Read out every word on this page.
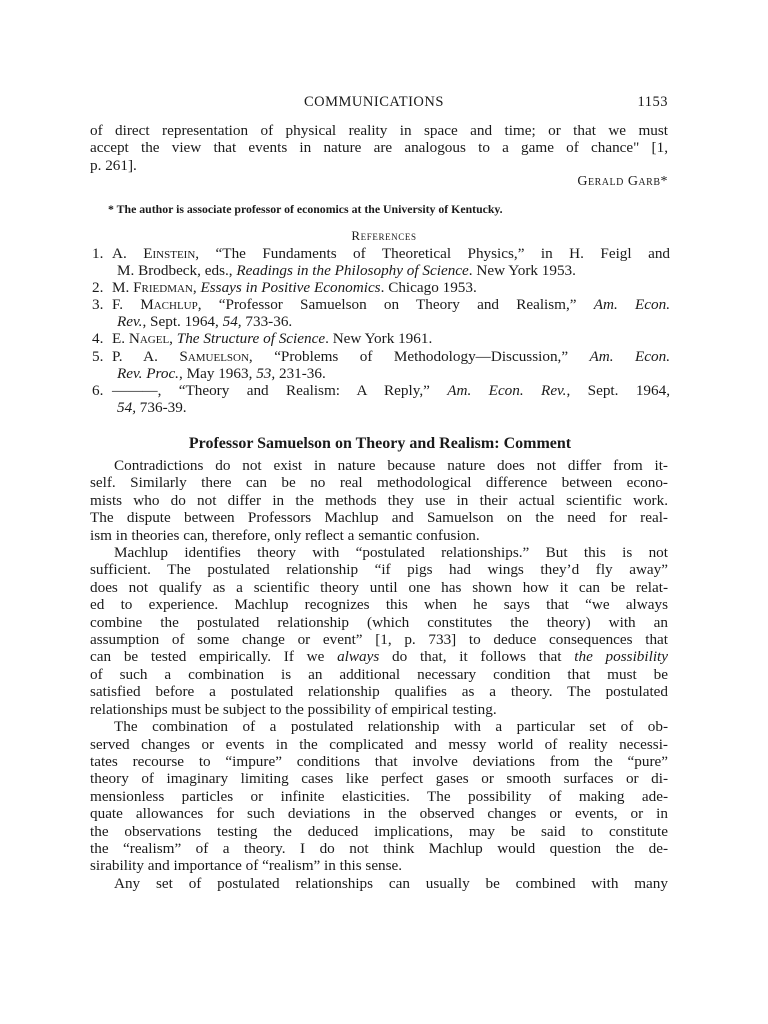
COMMUNICATIONS	1153
of direct representation of physical reality in space and time; or that we must
accept the view that events in nature are analogous to a game of chance" [1,
p. 261].
Gerald Garb*
* The author is associate professor of economics at the University of Kentucky.
References
1. A. Einstein, “The Fundaments of Theoretical Physics,” in H. Feigl and
M. Brodbeck, eds., Readings in the Philosophy of Science. New York 1953.
2. M. Friedman, Essays in Positive Economics. Chicago 1953.
3. F. Machlup, “Professor Samuelson on Theory and Realism,” Am. Econ.
Rev., Sept. 1964, 54, 733-36.
4. E. Nagel, The Structure of Science. New York 1961.
5. P. A. Samuelson, “Problems of Methodology—Discussion,” Am. Econ.
Rev. Proc., May 1963, 53, 231-36.
6. ———, “Theory and Realism: A Reply,” Am. Econ. Rev., Sept. 1964,
54, 736-39.
Professor Samuelson on Theory and Realism: Comment
Contradictions do not exist in nature because nature does not differ from it-
self. Similarly there can be no real methodological difference between econo-
mists who do not differ in the methods they use in their actual scientific work.
The dispute between Professors Machlup and Samuelson on the need for real-
ism in theories can, therefore, only reflect a semantic confusion.
Machlup identifies theory with “postulated relationships.” But this is not
sufficient. The postulated relationship “if pigs had wings they’d fly away”
does not qualify as a scientific theory until one has shown how it can be relat-
ed to experience. Machlup recognizes this when he says that “we always
combine the postulated relationship (which constitutes the theory) with an
assumption of some change or event” [1, p. 733] to deduce consequences that
can be tested empirically. If we always do that, it follows that the possibility
of such a combination is an additional necessary condition that must be
satisfied before a postulated relationship qualifies as a theory. The postulated
relationships must be subject to the possibility of empirical testing.
The combination of a postulated relationship with a particular set of ob-
served changes or events in the complicated and messy world of reality necessi-
tates recourse to “impure” conditions that involve deviations from the “pure”
theory of imaginary limiting cases like perfect gases or smooth surfaces or di-
mensionless particles or infinite elasticities. The possibility of making ade-
quate allowances for such deviations in the observed changes or events, or in
the observations testing the deduced implications, may be said to constitute
the “realism” of a theory. I do not think Machlup would question the de-
sirability and importance of “realism” in this sense.
Any set of postulated relationships can usually be combined with many
